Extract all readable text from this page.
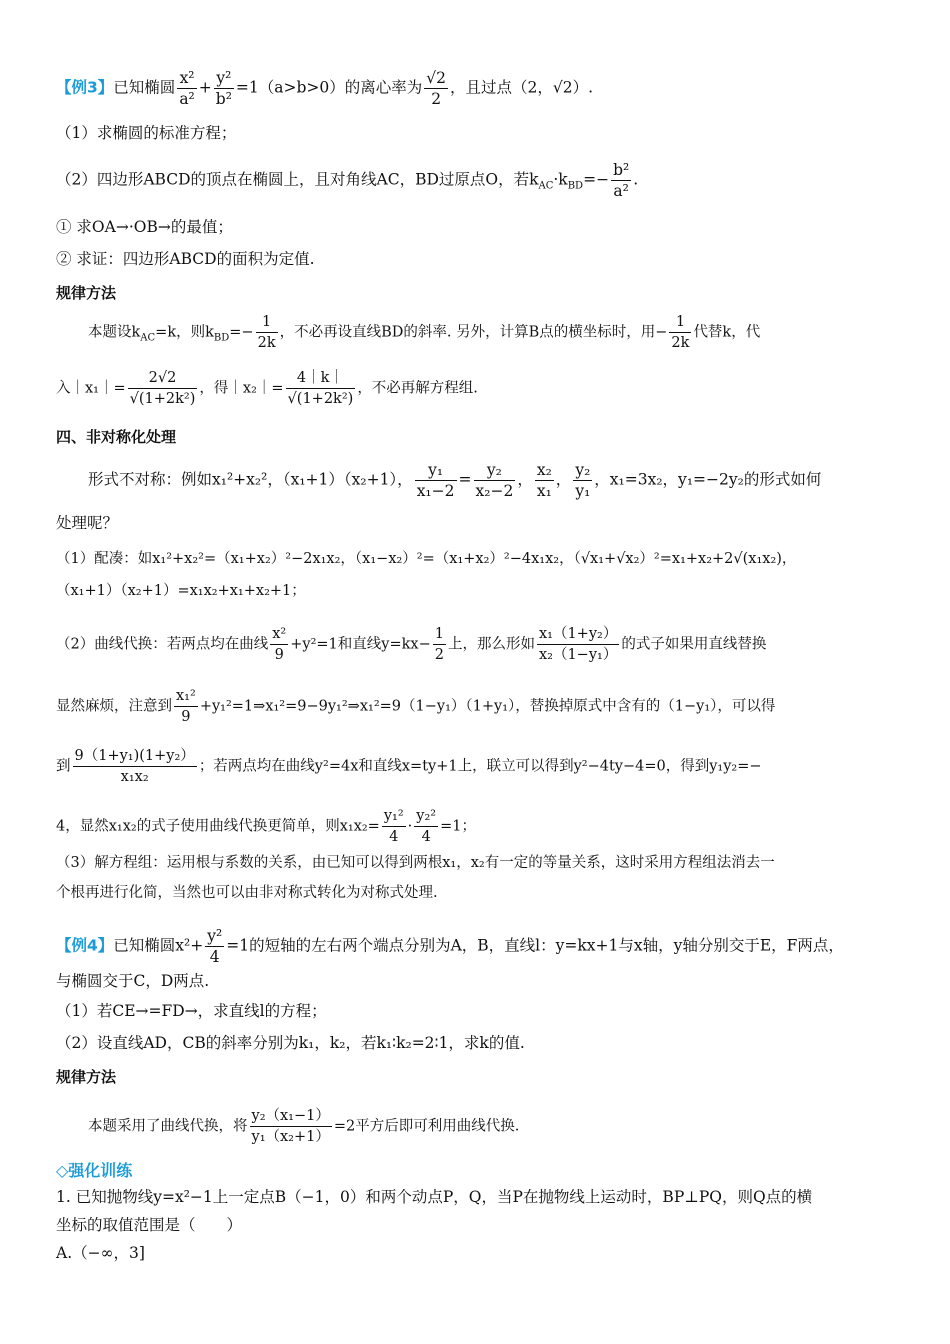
【例3】已知椭圆 $\frac{\text{x²}}{\text{a²}} + \frac{\text{y²}}{\text{b²}} =1(a>b>0)$的离心率为 $\frac{√2}{2}$ ，且过点（2，√2）.
（1）求椭圆的标准方程；
（2）四边形ABCD的顶点在椭圆上，且对角线AC，BD过原点O，若$k_{AC}\cdot k_{BD}=- \frac{\text{b²}}{\text{a²}}$ .
① 求OA→·OB→的最值；
② 求证：四边形ABCD的面积为定值.
规律方法
本题设$k_{AC}=k$，则$k_{BD}=- \frac{1}{2k}$ ，不必再设直线BD的斜率. 另外，计算B点的横坐标时，用− $\frac{1}{2k}$ 代替k，代
入｜x₁｜= $\frac{2√2}{\text{√(1+2k²)}}$ ，得｜x₂｜= $\frac{4|k|}{\text{√(1+2k²)}}$ ，不必再解方程组.
四、非对称化处理
形式不对称：例如x₁²+x₂²，（x₁+1）（x₂+1）， $\frac{\text{y₁}}{\text{x₁−2}} = \frac{\text{y₂}}{\text{x₂−2}}$ ， $\frac{\text{x₂}}{\text{x₁}}$ ， $\frac{\text{y₂}}{\text{y₁}}$ ，x₁=3x₂，y₁=−2y₂的形式如何
处理呢？
（1）配凑：如x₁²+x₂²=（x₁+x₂）²−2x₁x₂，（x₁−x₂）²=（x₁+x₂）²−4x₁x₂，（√x₁+√x₂）²=x₁+x₂+2√(x₁x₂)，
（x₁+1）（x₂+1）=x₁x₂+x₁+x₂+1；
（2）曲线代换：若两点均在曲线 $\frac{\text{x²}}{9} +y^2=1$和直线$y=kx- \frac{1}{2}$ 上，那么形如 $\frac{\text{x₁（1+y₂）}}{\text{x₂（1−y₁）}}$ 的式子如果用直线替换
显然麻烦，注意到 $\frac{\text{x₁²}}{9}$ +y₁²=1⇒x₁²=9−9y₁²⇒x₁²=9（1−y₁）（1+y₁），替换掉原式中含有的（1−y₁），可以得
到 $\frac{\text{9（1+y₁)(1+y₂）}}{\text{x₁x₂}}$ ；若两点均在曲线y²=4x和直线x=ty+1上，联立可以得到y²−4ty−4=0，得到y₁y₂=−
4，显然x₁x₂的式子使用曲线代换更简单，则$x_1x_2= \frac{\text{y₁²}}{4} \cdot \frac{\text{y₂²}}{4} =1$；
（3）解方程组：运用根与系数的关系，由已知可以得到两根x₁，x₂有一定的等量关系，这时采用方程组法消去一
个根再进行化简，当然也可以由非对称式转化为对称式处理.
【例4】已知椭圆$x^2+ \frac{\text{y²}}{4} =1$的短轴的左右两个端点分别为A，B，直线l：y=kx+1与x轴，y轴分别交于E，F两点，
与椭圆交于C，D两点.
（1）若CE→=FD→，求直线l的方程；
（2）设直线AD，CB的斜率分别为k₁，k₂，若k₁∶k₂=2∶1，求k的值.
规律方法
本题采用了曲线代换，将 $\frac{\text{y₂（x₁−1）}}{\text{y₁（x₂+1）}} =2$平方后即可利用曲线代换.
◇强化训练
1. 已知抛物线y=x²−1上一定点B（−1，0）和两个动点P，Q，当P在抛物线上运动时，BP⊥PQ，则Q点的横
坐标的取值范围是（　　）
A.（−∞，3]
